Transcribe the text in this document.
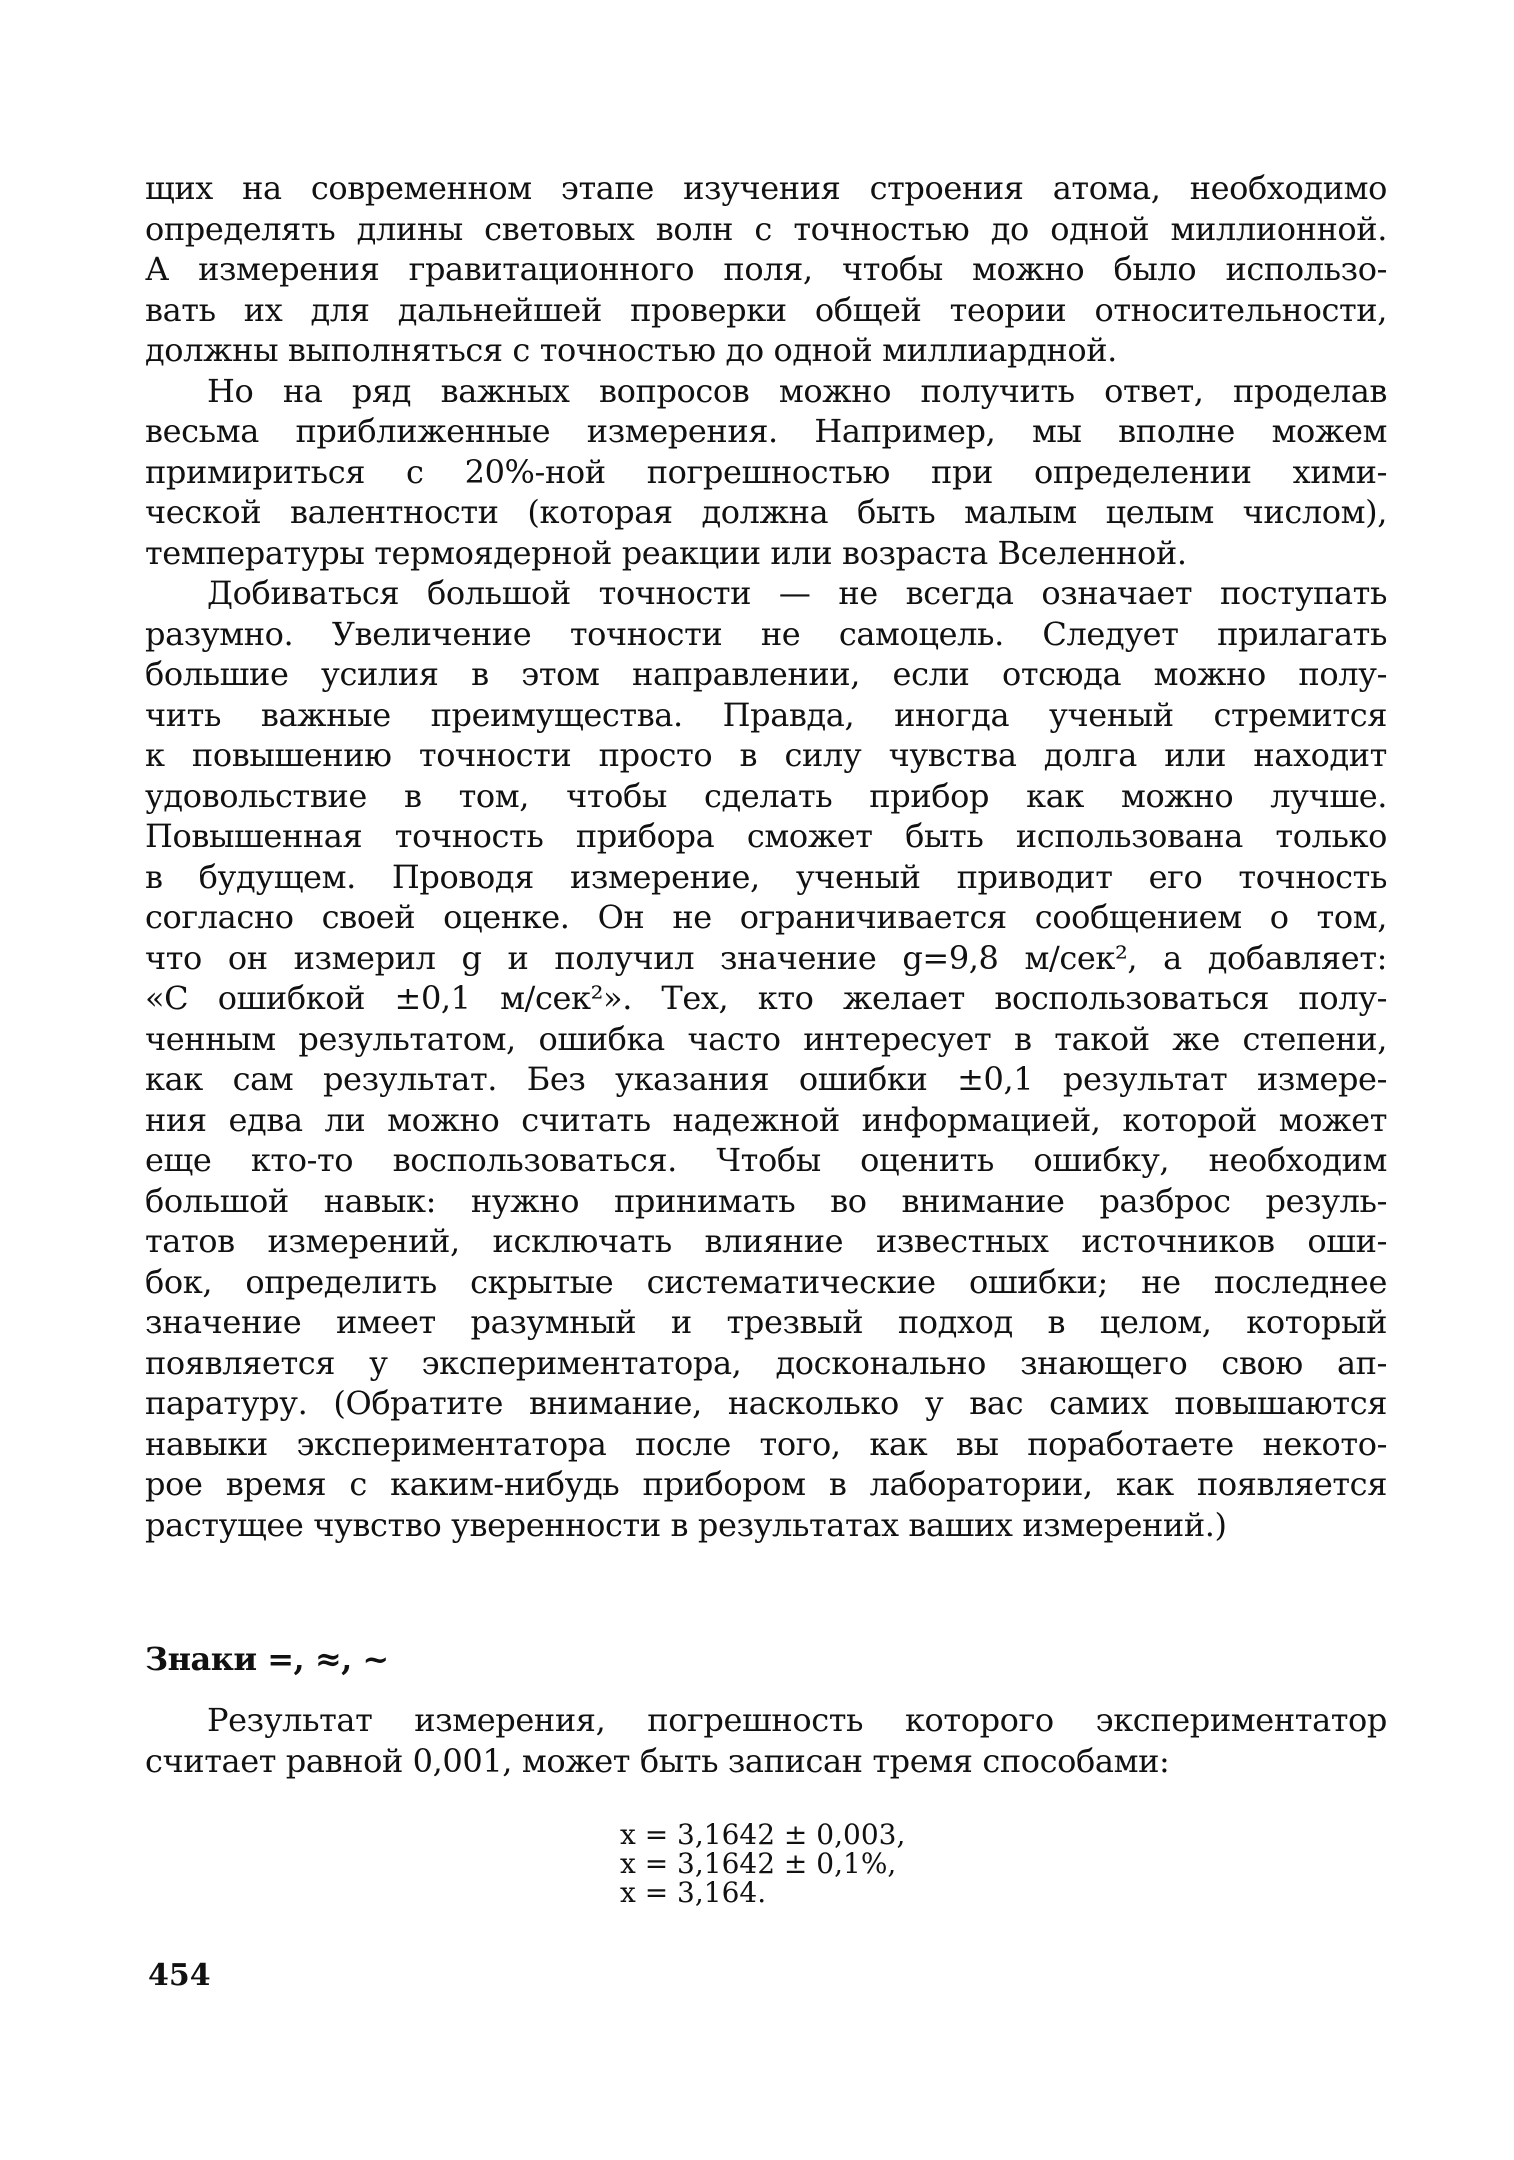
щих на современном этапе изучения строения атома, необходимо
определять длины световых волн с точностью до одной миллионной.
А измерения гравитационного поля, чтобы можно было использо-
вать их для дальнейшей проверки общей теории относительности,
должны выполняться с точностью до одной миллиардной.
Но на ряд важных вопросов можно получить ответ, проделав
весьма приближенные измерения. Например, мы вполне можем
примириться с 20%-ной погрешностью при определении хими-
ческой валентности (которая должна быть малым целым числом),
температуры термоядерной реакции или возраста Вселенной.
Добиваться большой точности — не всегда означает поступать
разумно. Увеличение точности не самоцель. Следует прилагать
большие усилия в этом направлении, если отсюда можно полу-
чить важные преимущества. Правда, иногда ученый стремится
к повышению точности просто в силу чувства долга или находит
удовольствие в том, чтобы сделать прибор как можно лучше.
Повышенная точность прибора сможет быть использована только
в будущем. Проводя измерение, ученый приводит его точность
согласно своей оценке. Он не ограничивается сообщением о том,
что он измерил g и получил значение g=9,8 м/сек², а добавляет:
«С ошибкой ±0,1 м/сек²». Тех, кто желает воспользоваться полу-
ченным результатом, ошибка часто интересует в такой же степени,
как сам результат. Без указания ошибки ±0,1 результат измере-
ния едва ли можно считать надежной информацией, которой может
еще кто-то воспользоваться. Чтобы оценить ошибку, необходим
большой навык: нужно принимать во внимание разброс резуль-
татов измерений, исключать влияние известных источников оши-
бок, определить скрытые систематические ошибки; не последнее
значение имеет разумный и трезвый подход в целом, который
появляется у экспериментатора, досконально знающего свою ап-
паратуру. (Обратите внимание, насколько у вас самих повышаются
навыки экспериментатора после того, как вы поработаете некото-
рое время с каким-нибудь прибором в лаборатории, как появляется
растущее чувство уверенности в результатах ваших измерений.)
Знаки =, ≈, ~
Результат измерения, погрешность которого экспериментатор
считает равной 0,001, может быть записан тремя способами:
x = 3,1642 ± 0,003,
x = 3,1642 ± 0,1%,
x = 3,164.
454
